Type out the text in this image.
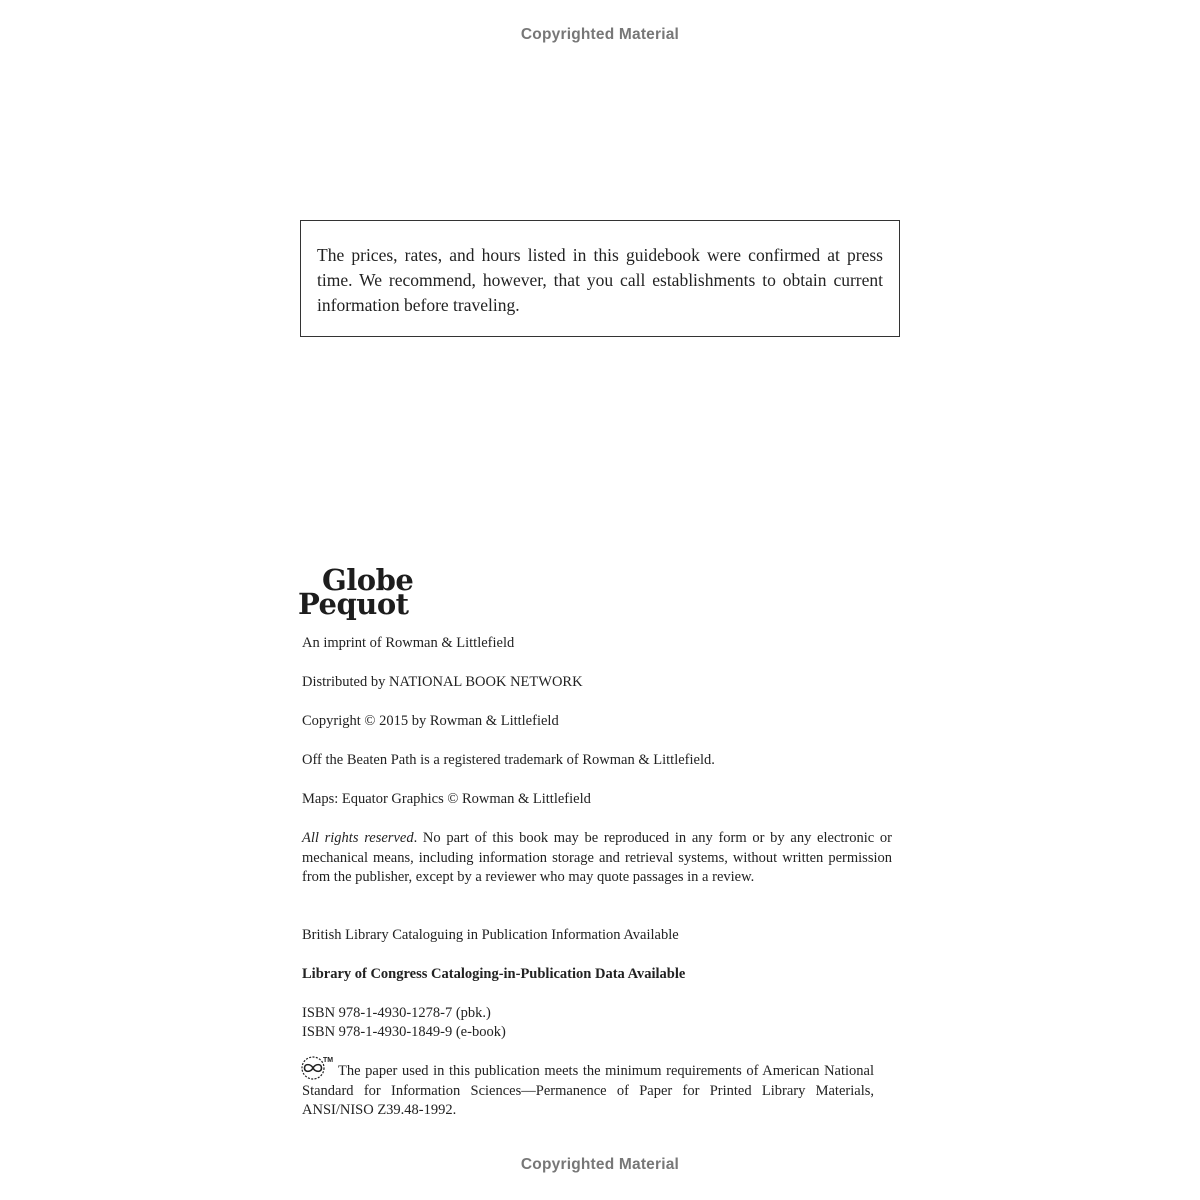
Copyrighted Material
The prices, rates, and hours listed in this guidebook were confirmed at press time. We recommend, however, that you call establishments to obtain current information before traveling.
Globe
Pequot
An imprint of Rowman & Littlefield
Distributed by NATIONAL BOOK NETWORK
Copyright © 2015 by Rowman & Littlefield
Off the Beaten Path is a registered trademark of Rowman & Littlefield.
Maps: Equator Graphics © Rowman & Littlefield
All rights reserved. No part of this book may be reproduced in any form or by any electronic or mechanical means, including information storage and retrieval systems, without written permission from the publisher, except by a reviewer who may quote passages in a review.
British Library Cataloguing in Publication Information Available
Library of Congress Cataloging-in-Publication Data Available
ISBN 978-1-4930-1278-7 (pbk.)
ISBN 978-1-4930-1849-9 (e-book)
TM
The paper used in this publication meets the minimum requirements of American National Standard for Information Sciences—Permanence of Paper for Printed Library Materials, ANSI/NISO Z39.48-1992.
Copyrighted Material
